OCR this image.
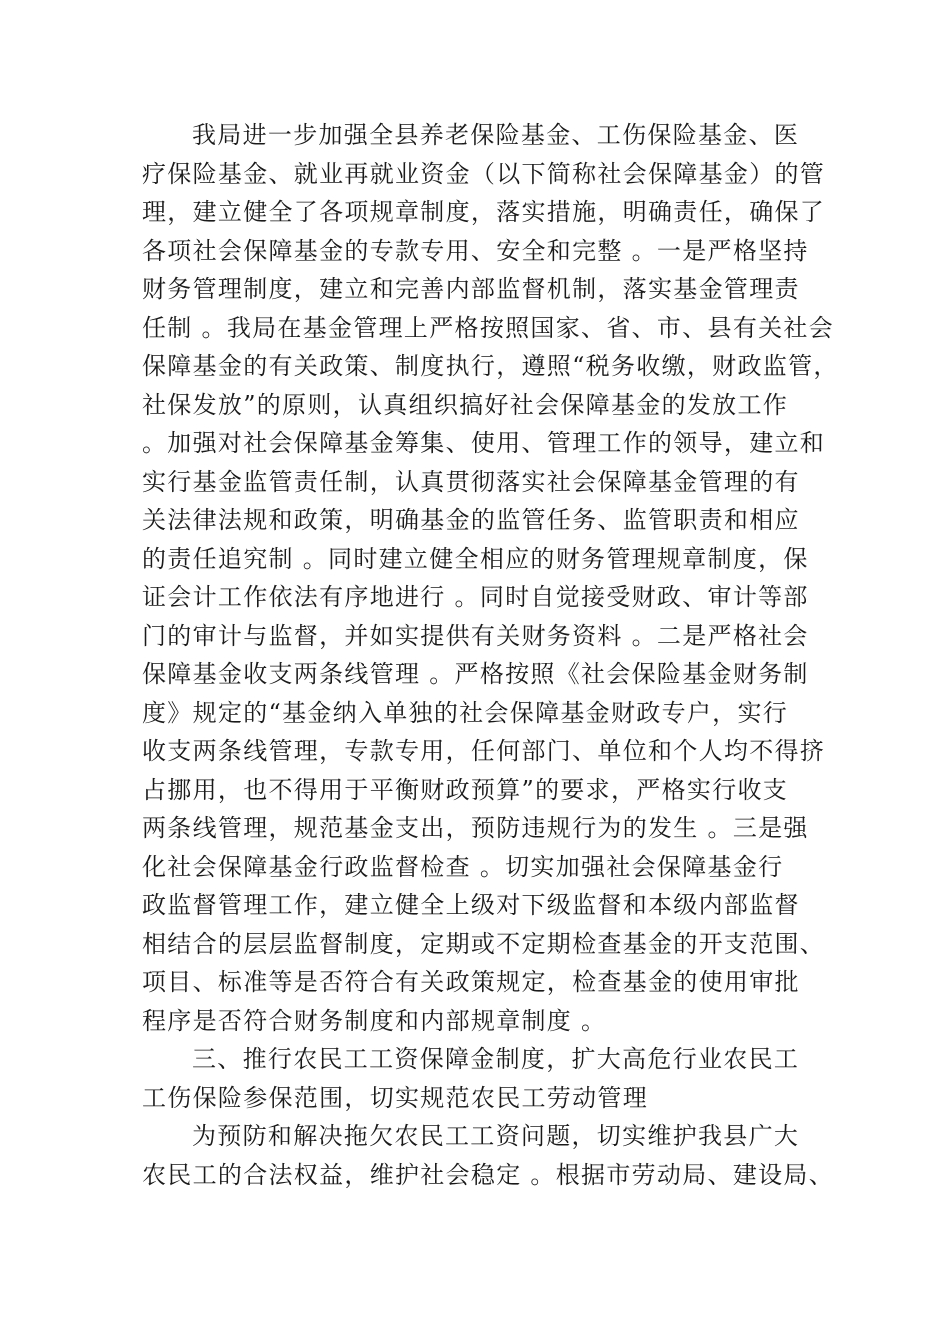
我局进一步加强全县养老保险基金、工伤保险基金、医
疗保险基金、就业再就业资金（以下简称社会保障基金）的管
理，建立健全了各项规章制度，落实措施，明确责任，确保了
各项社会保障基金的专款专用、安全和完整 。一是严格坚持
财务管理制度，建立和完善内部监督机制，落实基金管理责
任制 。我局在基金管理上严格按照国家、省、市、县有关社会
保障基金的有关政策、制度执行，遵照“税务收缴，财政监管，
社保发放”的原则，认真组织搞好社会保障基金的发放工作
。加强对社会保障基金筹集、使用、管理工作的领导，建立和
实行基金监管责任制，认真贯彻落实社会保障基金管理的有
关法律法规和政策，明确基金的监管任务、监管职责和相应
的责任追究制 。同时建立健全相应的财务管理规章制度，保
证会计工作依法有序地进行 。同时自觉接受财政、审计等部
门的审计与监督，并如实提供有关财务资料 。二是严格社会
保障基金收支两条线管理 。严格按照《社会保险基金财务制
度》规定的“基金纳入单独的社会保障基金财政专户，实行
收支两条线管理，专款专用，任何部门、单位和个人均不得挤
占挪用，也不得用于平衡财政预算”的要求，严格实行收支
两条线管理，规范基金支出，预防违规行为的发生 。三是强
化社会保障基金行政监督检查 。切实加强社会保障基金行
政监督管理工作，建立健全上级对下级监督和本级内部监督
相结合的层层监督制度，定期或不定期检查基金的开支范围、
项目、标准等是否符合有关政策规定，检查基金的使用审批
程序是否符合财务制度和内部规章制度 。
三、推行农民工工资保障金制度，扩大高危行业农民工
工伤保险参保范围，切实规范农民工劳动管理
为预防和解决拖欠农民工工资问题，切实维护我县广大
农民工的合法权益，维护社会稳定 。根据市劳动局、建设局、
